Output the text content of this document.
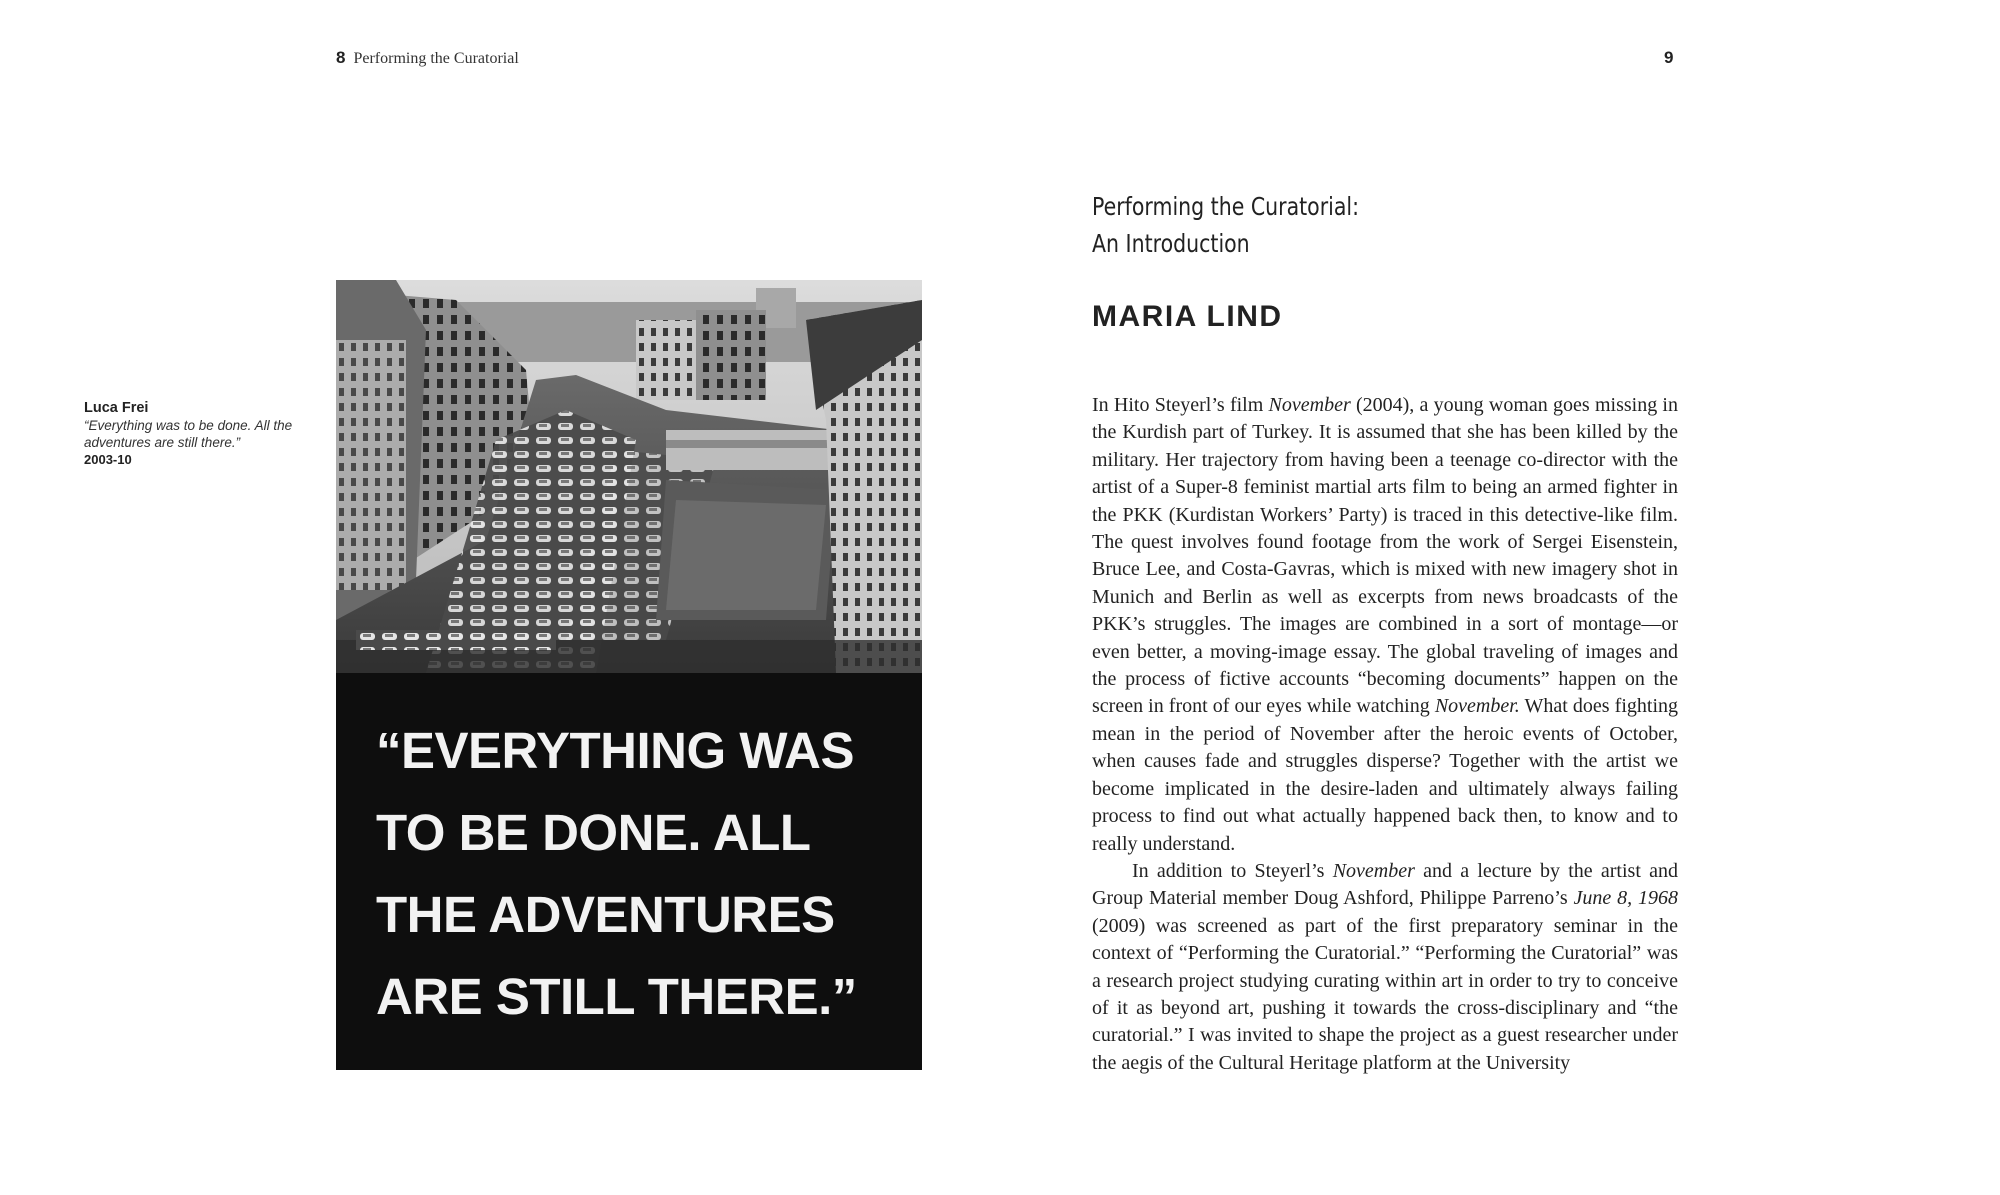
8 Performing the Curatorial	9
Luca Frei
“Everything was to be done. All the adventures are still there.”
2003-10
“EVERYTHING WAS
TO BE DONE. ALL
THE ADVENTURES
ARE STILL THERE.”
Performing the Curatorial:
An Introduction
MARIA LIND

In Hito Steyerl’s film November (2004), a young woman goes missing in the Kurdish part of Turkey. It is assumed that she has been killed by the military. Her trajectory from having been a teenage co-director with the artist of a Super-8 feminist martial arts film to being an armed fighter in the PKK (Kurdistan Workers’ Party) is traced in this detective-like film. The quest involves found footage from the work of Sergei Eisenstein, Bruce Lee, and Costa-Gavras, which is mixed with new imagery shot in Munich and Berlin as well as excerpts from news broadcasts of the PKK’s struggles. The images are combined in a sort of montage—or even better, a moving-image essay. The global traveling of images and the process of fictive accounts “becoming documents” happen on the screen in front of our eyes while watching November. What does fighting mean in the period of November after the heroic events of October, when causes fade and struggles disperse? Together with the artist we become implicated in the desire-laden and ultimately always failing process to find out what actually happened back then, to know and to really understand.

In addition to Steyerl’s November and a lecture by the artist and Group Material member Doug Ashford, Philippe Parreno’s June 8, 1968 (2009) was screened as part of the first preparatory seminar in the context of “Performing the Curatorial.” “Performing the Curatorial” was a research project studying curating within art in order to try to conceive of it as beyond art, pushing it towards the cross-disciplinary and “the curatorial.” I was invited to shape the project as a guest researcher under the aegis of the Cultural Heritage platform at the University
